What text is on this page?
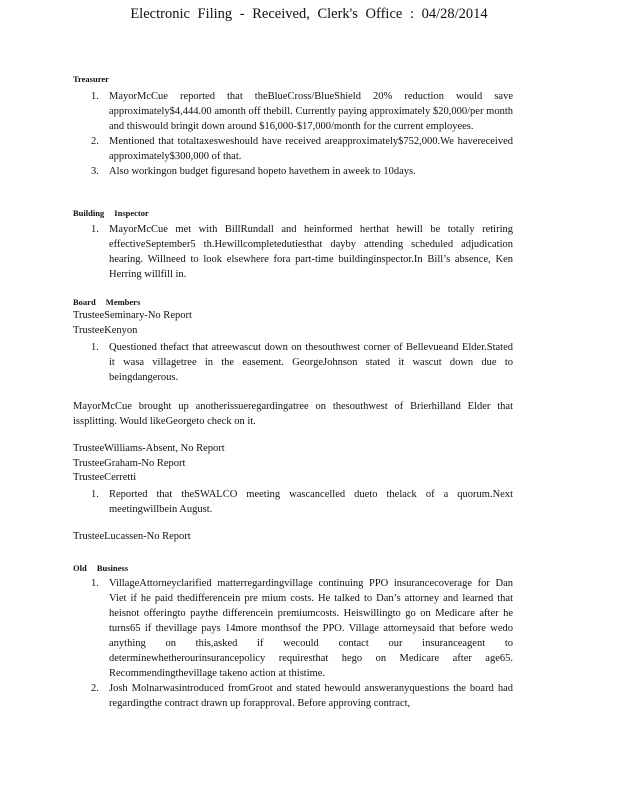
Electronic Filing - Received, Clerk's Office : 04/28/2014
Treasurer
1. MayorMcCue reported that theBlueCross/BlueShield 20% reduction would save approximately$4,444.00 amonth off thebill. Currently paying approximately $20,000/per month and thiswould bringit down around $16,000-$17,000/month for the current employees.
2. Mentioned that totaltaxesweshould have received areapproximately$752,000.We havereceived approximately$300,000 of that.
3. Also workingon budget figuresand hopeto havethem in aweek to 10days.
Building Inspector
1. MayorMcCue met with BillRundall and heinformed herthat hewill be totally retiring effectiveSeptember5 th.Hewillcompletedutiesthat dayby attending scheduled adjudication hearing. Willneed to look elsewhere fora part-time buildinginspector.In Bill’s absence, Ken Herring willfill in.
Board Members
TrusteeSeminary-No Report
TrusteeKenyon
1. Questioned thefact that atreewascut down on thesouthwest corner of Bellevueand Elder.Stated it wasa villagetree in the easement. GeorgeJohnson stated it wascut down due to beingdangerous.

MayorMcCue brought up anotherissueregardingatree on thesouthwest of Brierhilland Elder that issplitting. Would likeGeorgeto check on it.

TrusteeWilliams-Absent, No Report
TrusteeGraham-No Report
TrusteeCerretti
1. Reported that theSWALCO meeting wascancelled dueto thelack of a quorum.Next meetingwillbein August.
TrusteeLucassen-No Report
Old Business
1. VillageAttorneyclarified matterregardingvillage continuing PPO insurancecoverage for Dan Viet if he paid thedifferencein pre mium costs. He talked to Dan’s attorney and learned that heisnot offeringto paythe differencein premiumcosts. Heiswillingto go on Medicare after he turns65 if thevillage pays 14more monthsof the PPO. Village attorneysaid that before wedo anything on this,asked if wecould contact our insuranceagent to determinewhetherourinsurancepolicy requiresthat hego on Medicare after age65. Recommendingthevillage takeno action at thistime.
2. Josh Molnarwasintroduced fromGroot and stated hewould answeranyquestions the board had regardingthe contract drawn up forapproval. Before approving contract,
